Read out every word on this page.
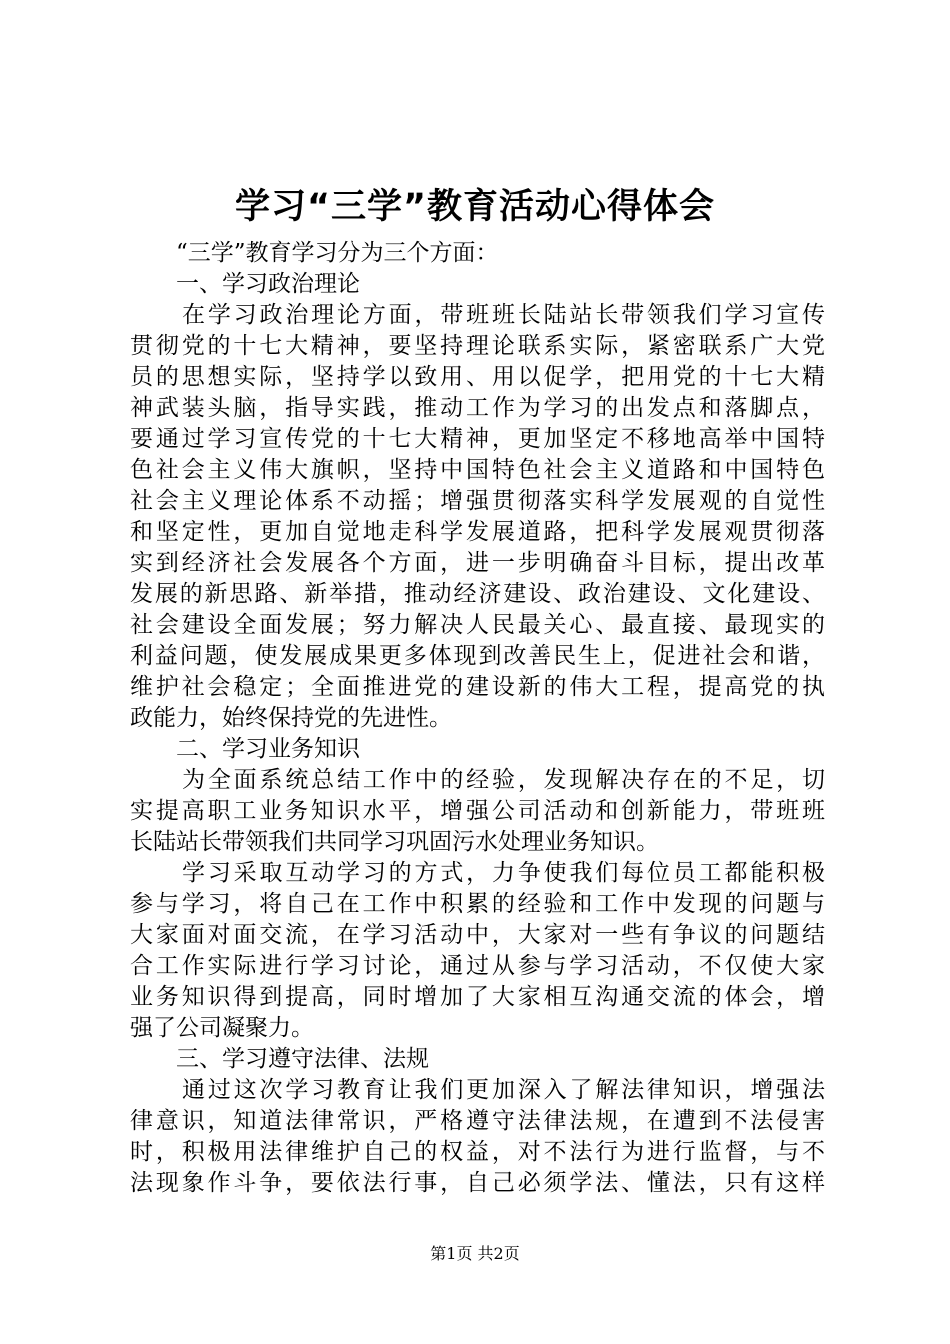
学习“三学”教育活动心得体会
“三学”教育学习分为三个方面：
一、学习政治理论
在学习政治理论方面，带班班长陆站长带领我们学习宣传
贯彻党的十七大精神，要坚持理论联系实际，紧密联系广大党
员的思想实际，坚持学以致用、用以促学，把用党的十七大精
神武装头脑，指导实践，推动工作为学习的出发点和落脚点，
要通过学习宣传党的十七大精神，更加坚定不移地高举中国特
色社会主义伟大旗帜，坚持中国特色社会主义道路和中国特色
社会主义理论体系不动摇；增强贯彻落实科学发展观的自觉性
和坚定性，更加自觉地走科学发展道路，把科学发展观贯彻落
实到经济社会发展各个方面，进一步明确奋斗目标，提出改革
发展的新思路、新举措，推动经济建设、政治建设、文化建设、
社会建设全面发展；努力解决人民最关心、最直接、最现实的
利益问题，使发展成果更多体现到改善民生上，促进社会和谐，
维护社会稳定；全面推进党的建设新的伟大工程，提高党的执
政能力，始终保持党的先进性。
二、学习业务知识
为全面系统总结工作中的经验，发现解决存在的不足，切
实提高职工业务知识水平，增强公司活动和创新能力，带班班
长陆站长带领我们共同学习巩固污水处理业务知识。
学习采取互动学习的方式，力争使我们每位员工都能积极
参与学习，将自己在工作中积累的经验和工作中发现的问题与
大家面对面交流，在学习活动中，大家对一些有争议的问题结
合工作实际进行学习讨论，通过从参与学习活动，不仅使大家
业务知识得到提高，同时增加了大家相互沟通交流的体会，增
强了公司凝聚力。
三、学习遵守法律、法规
通过这次学习教育让我们更加深入了解法律知识，增强法
律意识，知道法律常识，严格遵守法律法规，在遭到不法侵害
时，积极用法律维护自己的权益，对不法行为进行监督，与不
法现象作斗争，要依法行事，自己必须学法、懂法，只有这样
第1页 共2页
